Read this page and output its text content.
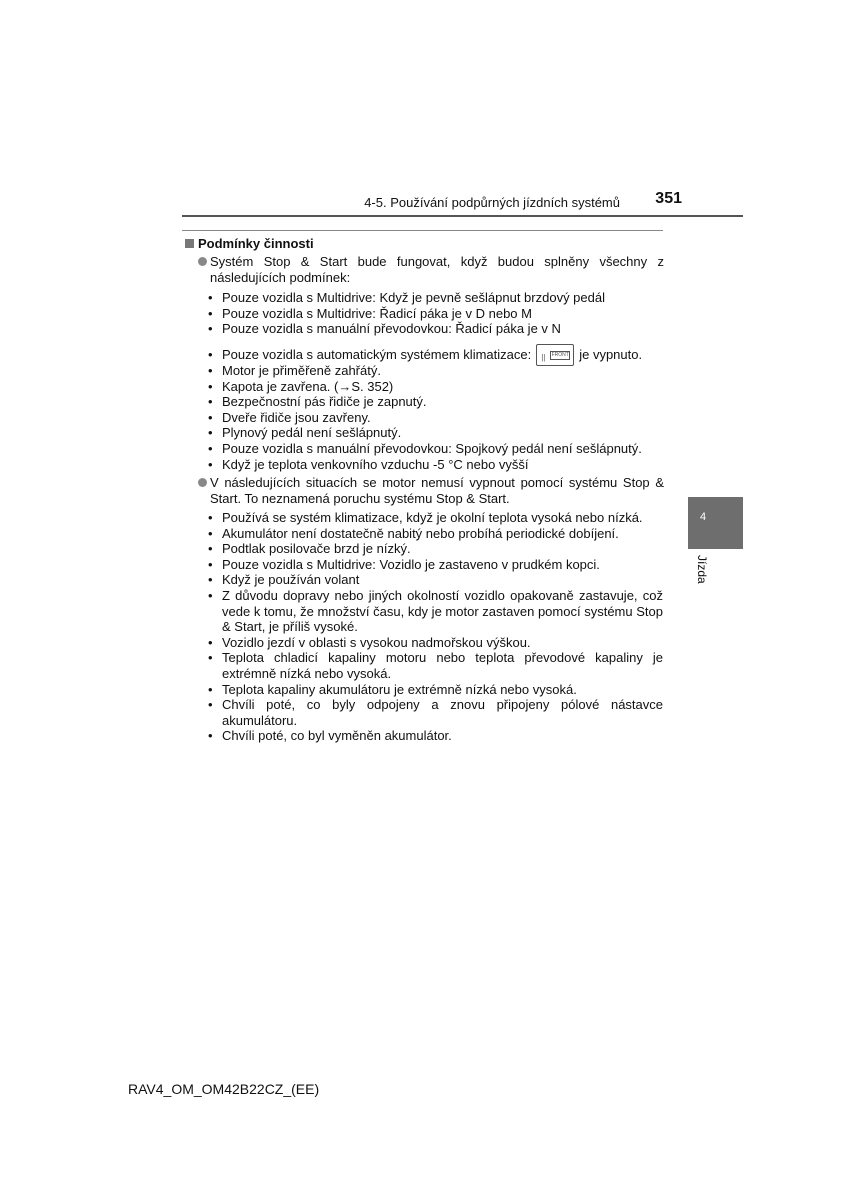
4-5. Používání podpůrných jízdních systémů	351
4
Jízda
Podmínky činnosti
Systém Stop & Start bude fungovat, když budou splněny všechny z následujících podmínek:
• Pouze vozidla s Multidrive: Když je pevně sešlápnut brzdový pedál
• Pouze vozidla s Multidrive: Řadicí páka je v D nebo M
• Pouze vozidla s manuální převodovkou: Řadicí páka je v N
• Pouze vozidla s automatickým systémem klimatizace: || FRONT je vypnuto.
• Motor je přiměřeně zahřátý.
• Kapota je zavřena. (→S. 352)
• Bezpečnostní pás řidiče je zapnutý.
• Dveře řidiče jsou zavřeny.
• Plynový pedál není sešlápnutý.
• Pouze vozidla s manuální převodovkou: Spojkový pedál není sešlápnutý.
• Když je teplota venkovního vzduchu -5 °C nebo vyšší
V následujících situacích se motor nemusí vypnout pomocí systému Stop & Start. To neznamená poruchu systému Stop & Start.
• Používá se systém klimatizace, když je okolní teplota vysoká nebo nízká.
• Akumulátor není dostatečně nabitý nebo probíhá periodické dobíjení.
• Podtlak posilovače brzd je nízký.
• Pouze vozidla s Multidrive: Vozidlo je zastaveno v prudkém kopci.
• Když je používán volant
• Z důvodu dopravy nebo jiných okolností vozidlo opakovaně zastavuje, což vede k tomu, že množství času, kdy je motor zastaven pomocí systému Stop & Start, je příliš vysoké.
• Vozidlo jezdí v oblasti s vysokou nadmořskou výškou.
• Teplota chladicí kapaliny motoru nebo teplota převodové kapaliny je extrémně nízká nebo vysoká.
• Teplota kapaliny akumulátoru je extrémně nízká nebo vysoká.
• Chvíli poté, co byly odpojeny a znovu připojeny pólové nástavce akumulátoru.
• Chvíli poté, co byl vyměněn akumulátor.
RAV4_OM_OM42B22CZ_(EE)
